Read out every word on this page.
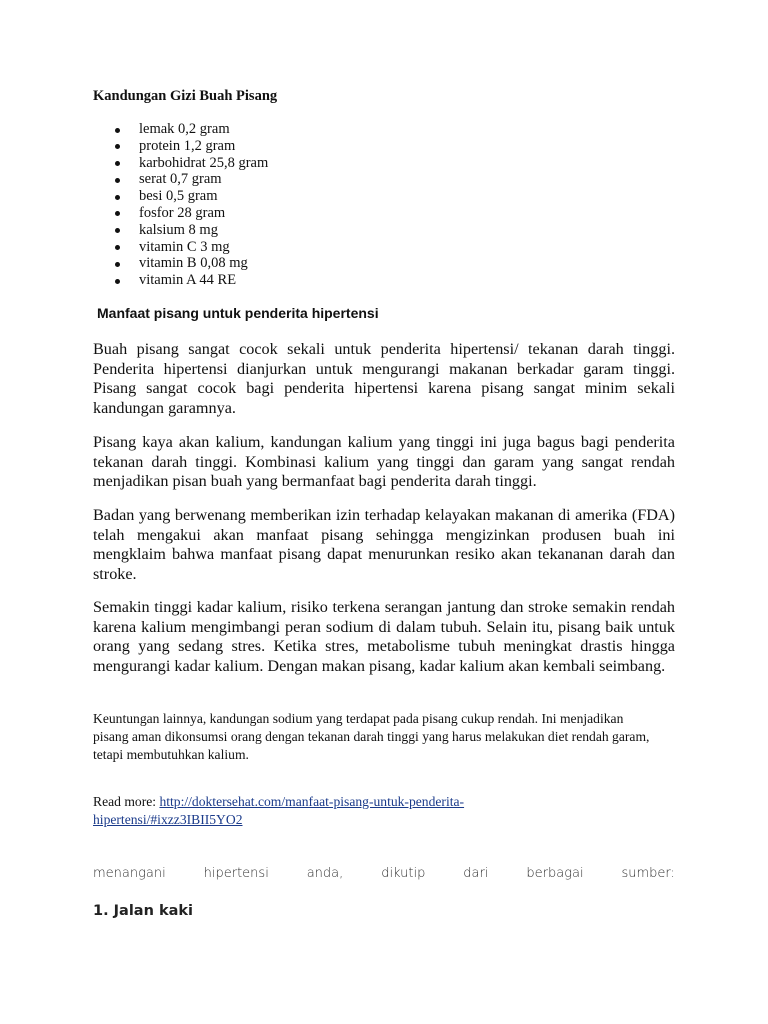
Kandungan Gizi Buah Pisang
lemak 0,2 gram
protein 1,2 gram
karbohidrat 25,8 gram
serat 0,7 gram
besi 0,5 gram
fosfor 28 gram
kalsium 8 mg
vitamin C 3 mg
vitamin B 0,08 mg
vitamin A 44 RE
Manfaat pisang untuk penderita hipertensi

Buah pisang sangat cocok sekali untuk penderita hipertensi/ tekanan darah tinggi. Penderita hipertensi dianjurkan untuk mengurangi makanan berkadar garam tinggi. Pisang sangat cocok bagi penderita hipertensi karena pisang sangat minim sekali kandungan garamnya.

Pisang kaya akan kalium, kandungan kalium yang tinggi ini juga bagus bagi penderita tekanan darah tinggi. Kombinasi kalium yang tinggi dan garam yang sangat rendah menjadikan pisan buah yang bermanfaat bagi penderita darah tinggi.

Badan yang berwenang memberikan izin terhadap kelayakan makanan di amerika (FDA) telah mengakui akan manfaat pisang sehingga mengizinkan produsen buah ini mengklaim bahwa manfaat pisang dapat menurunkan resiko akan tekananan darah dan stroke.

Semakin tinggi kadar kalium, risiko terkena serangan jantung dan stroke semakin rendah karena kalium mengimbangi peran sodium di dalam tubuh. Selain itu, pisang baik untuk orang yang sedang stres. Ketika stres, metabolisme tubuh meningkat drastis hingga mengurangi kadar kalium. Dengan makan pisang, kadar kalium akan kembali seimbang.

Keuntungan lainnya, kandungan sodium yang terdapat pada pisang cukup rendah. Ini menjadikan pisang aman dikonsumsi orang dengan tekanan darah tinggi yang harus melakukan diet rendah garam, tetapi membutuhkan kalium.

Read more: http://doktersehat.com/manfaat-pisang-untuk-penderita-
hipertensi/#ixzz3IBII5YO2

menangani	hipertensi	anda,	dikutip	dari	berbagai	sumber:

1. Jalan kaki
